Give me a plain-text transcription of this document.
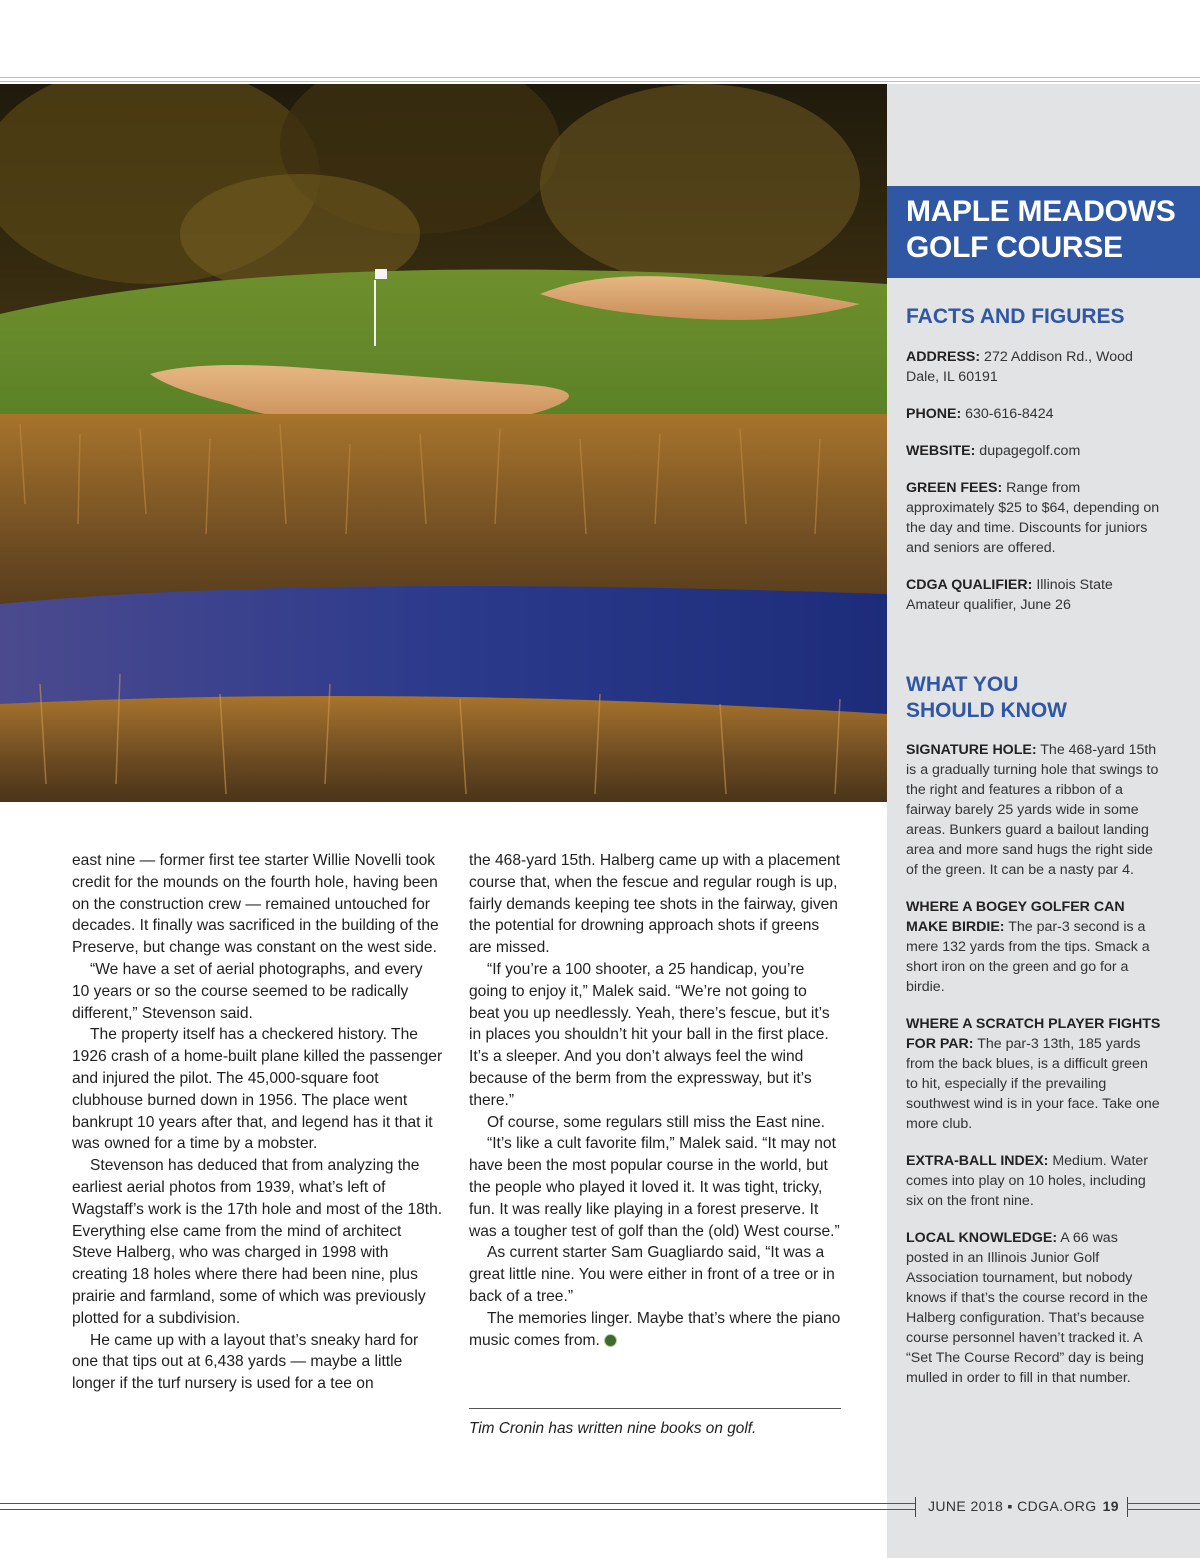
MAPLE MEADOWS
GOLF COURSE
FACTS AND FIGURES

ADDRESS: 272 Addison Rd., Wood Dale, IL 60191

PHONE: 630-616-8424

WEBSITE: dupagegolf.com

GREEN FEES: Range from approximately $25 to $64, depending on the day and time. Discounts for juniors and seniors are offered.

CDGA QUALIFIER: Illinois State Amateur qualifier, June 26

WHAT YOU
SHOULD KNOW

SIGNATURE HOLE: The 468-yard 15th is a gradually turning hole that swings to the right and features a ribbon of a fairway barely 25 yards wide in some areas. Bunkers guard a bailout landing area and more sand hugs the right side of the green. It can be a nasty par 4.

WHERE A BOGEY GOLFER CAN MAKE BIRDIE: The par-3 second is a mere 132 yards from the tips. Smack a short iron on the green and go for a birdie.

WHERE A SCRATCH PLAYER FIGHTS FOR PAR: The par-3 13th, 185 yards from the back blues, is a difficult green to hit, especially if the prevailing southwest wind is in your face. Take one more club.

EXTRA-BALL INDEX: Medium. Water comes into play on 10 holes, including six on the front nine.

LOCAL KNOWLEDGE: A 66 was posted in an Illinois Junior Golf Association tournament, but nobody knows if that’s the course record in the Halberg configuration. That’s because course personnel haven’t tracked it. A “Set The Course Record” day is being mulled in order to fill in that number.

east nine — former first tee starter Willie Novelli took credit for the mounds on the fourth hole, having been on the construction crew — remained untouched for decades. It finally was sacrificed in the building of the Preserve, but change was constant on the west side.

“We have a set of aerial photographs, and every 10 years or so the course seemed to be radically different,” Stevenson said.

The property itself has a checkered history. The 1926 crash of a home-built plane killed the passenger and injured the pilot. The 45,000-square foot clubhouse burned down in 1956. The place went bankrupt 10 years after that, and legend has it that it was owned for a time by a mobster.

Stevenson has deduced that from analyzing the earliest aerial photos from 1939, what’s left of Wagstaff’s work is the 17th hole and most of the 18th. Everything else came from the mind of architect Steve Halberg, who was charged in 1998 with creating 18 holes where there had been nine, plus prairie and farmland, some of which was previously plotted for a subdivision.

He came up with a layout that’s sneaky hard for one that tips out at 6,438 yards — maybe a little longer if the turf nursery is used for a tee on

the 468-yard 15th. Halberg came up with a placement course that, when the fescue and regular rough is up, fairly demands keeping tee shots in the fairway, given the potential for drowning approach shots if greens are missed.

“If you’re a 100 shooter, a 25 handicap, you’re going to enjoy it,” Malek said. “We’re not going to beat you up needlessly. Yeah, there’s fescue, but it’s in places you shouldn’t hit your ball in the first place. It’s a sleeper. And you don’t always feel the wind because of the berm from the expressway, but it’s there.”

Of course, some regulars still miss the East nine.

“It’s like a cult favorite film,” Malek said. “It may not have been the most popular course in the world, but the people who played it loved it. It was tight, tricky, fun. It was really like playing in a forest preserve. It was a tougher test of golf than the (old) West course.”

As current starter Sam Guagliardo said, “It was a great little nine. You were either in front of a tree or in back of a tree.”

The memories linger. Maybe that’s where the piano music comes from.

Tim Cronin has written nine books on golf.
JUNE 2018 ▪ CDGA.ORG 19
